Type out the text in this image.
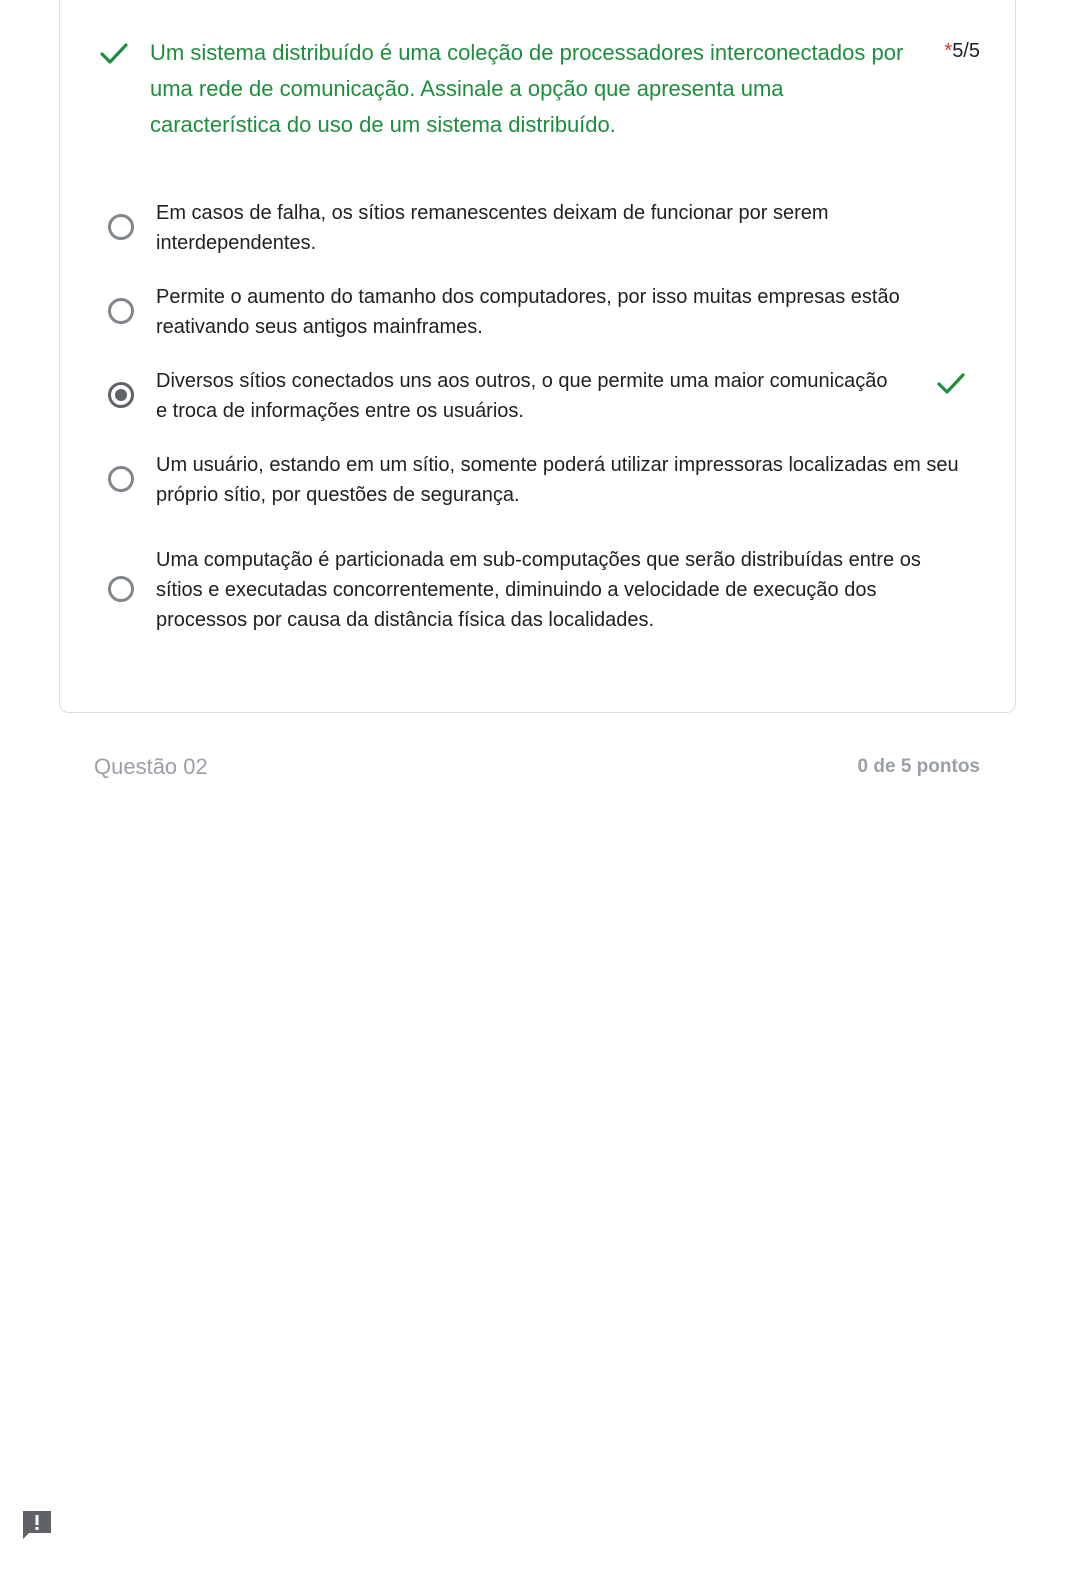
Um sistema distribuído é uma coleção de processadores interconectados por uma rede de comunicação. Assinale a opção que apresenta uma característica do uso de um sistema distribuído.
*5/5
Em casos de falha, os sítios remanescentes deixam de funcionar por serem interdependentes.
Permite o aumento do tamanho dos computadores, por isso muitas empresas estão reativando seus antigos mainframes.
Diversos sítios conectados uns aos outros, o que permite uma maior comunicação e troca de informações entre os usuários.
Um usuário, estando em um sítio, somente poderá utilizar impressoras localizadas em seu próprio sítio, por questões de segurança.
Uma computação é particionada em sub-computações que serão distribuídas entre os sítios e executadas concorrentemente, diminuindo a velocidade de execução dos processos por causa da distância física das localidades.
Questão 02	0 de 5 pontos
